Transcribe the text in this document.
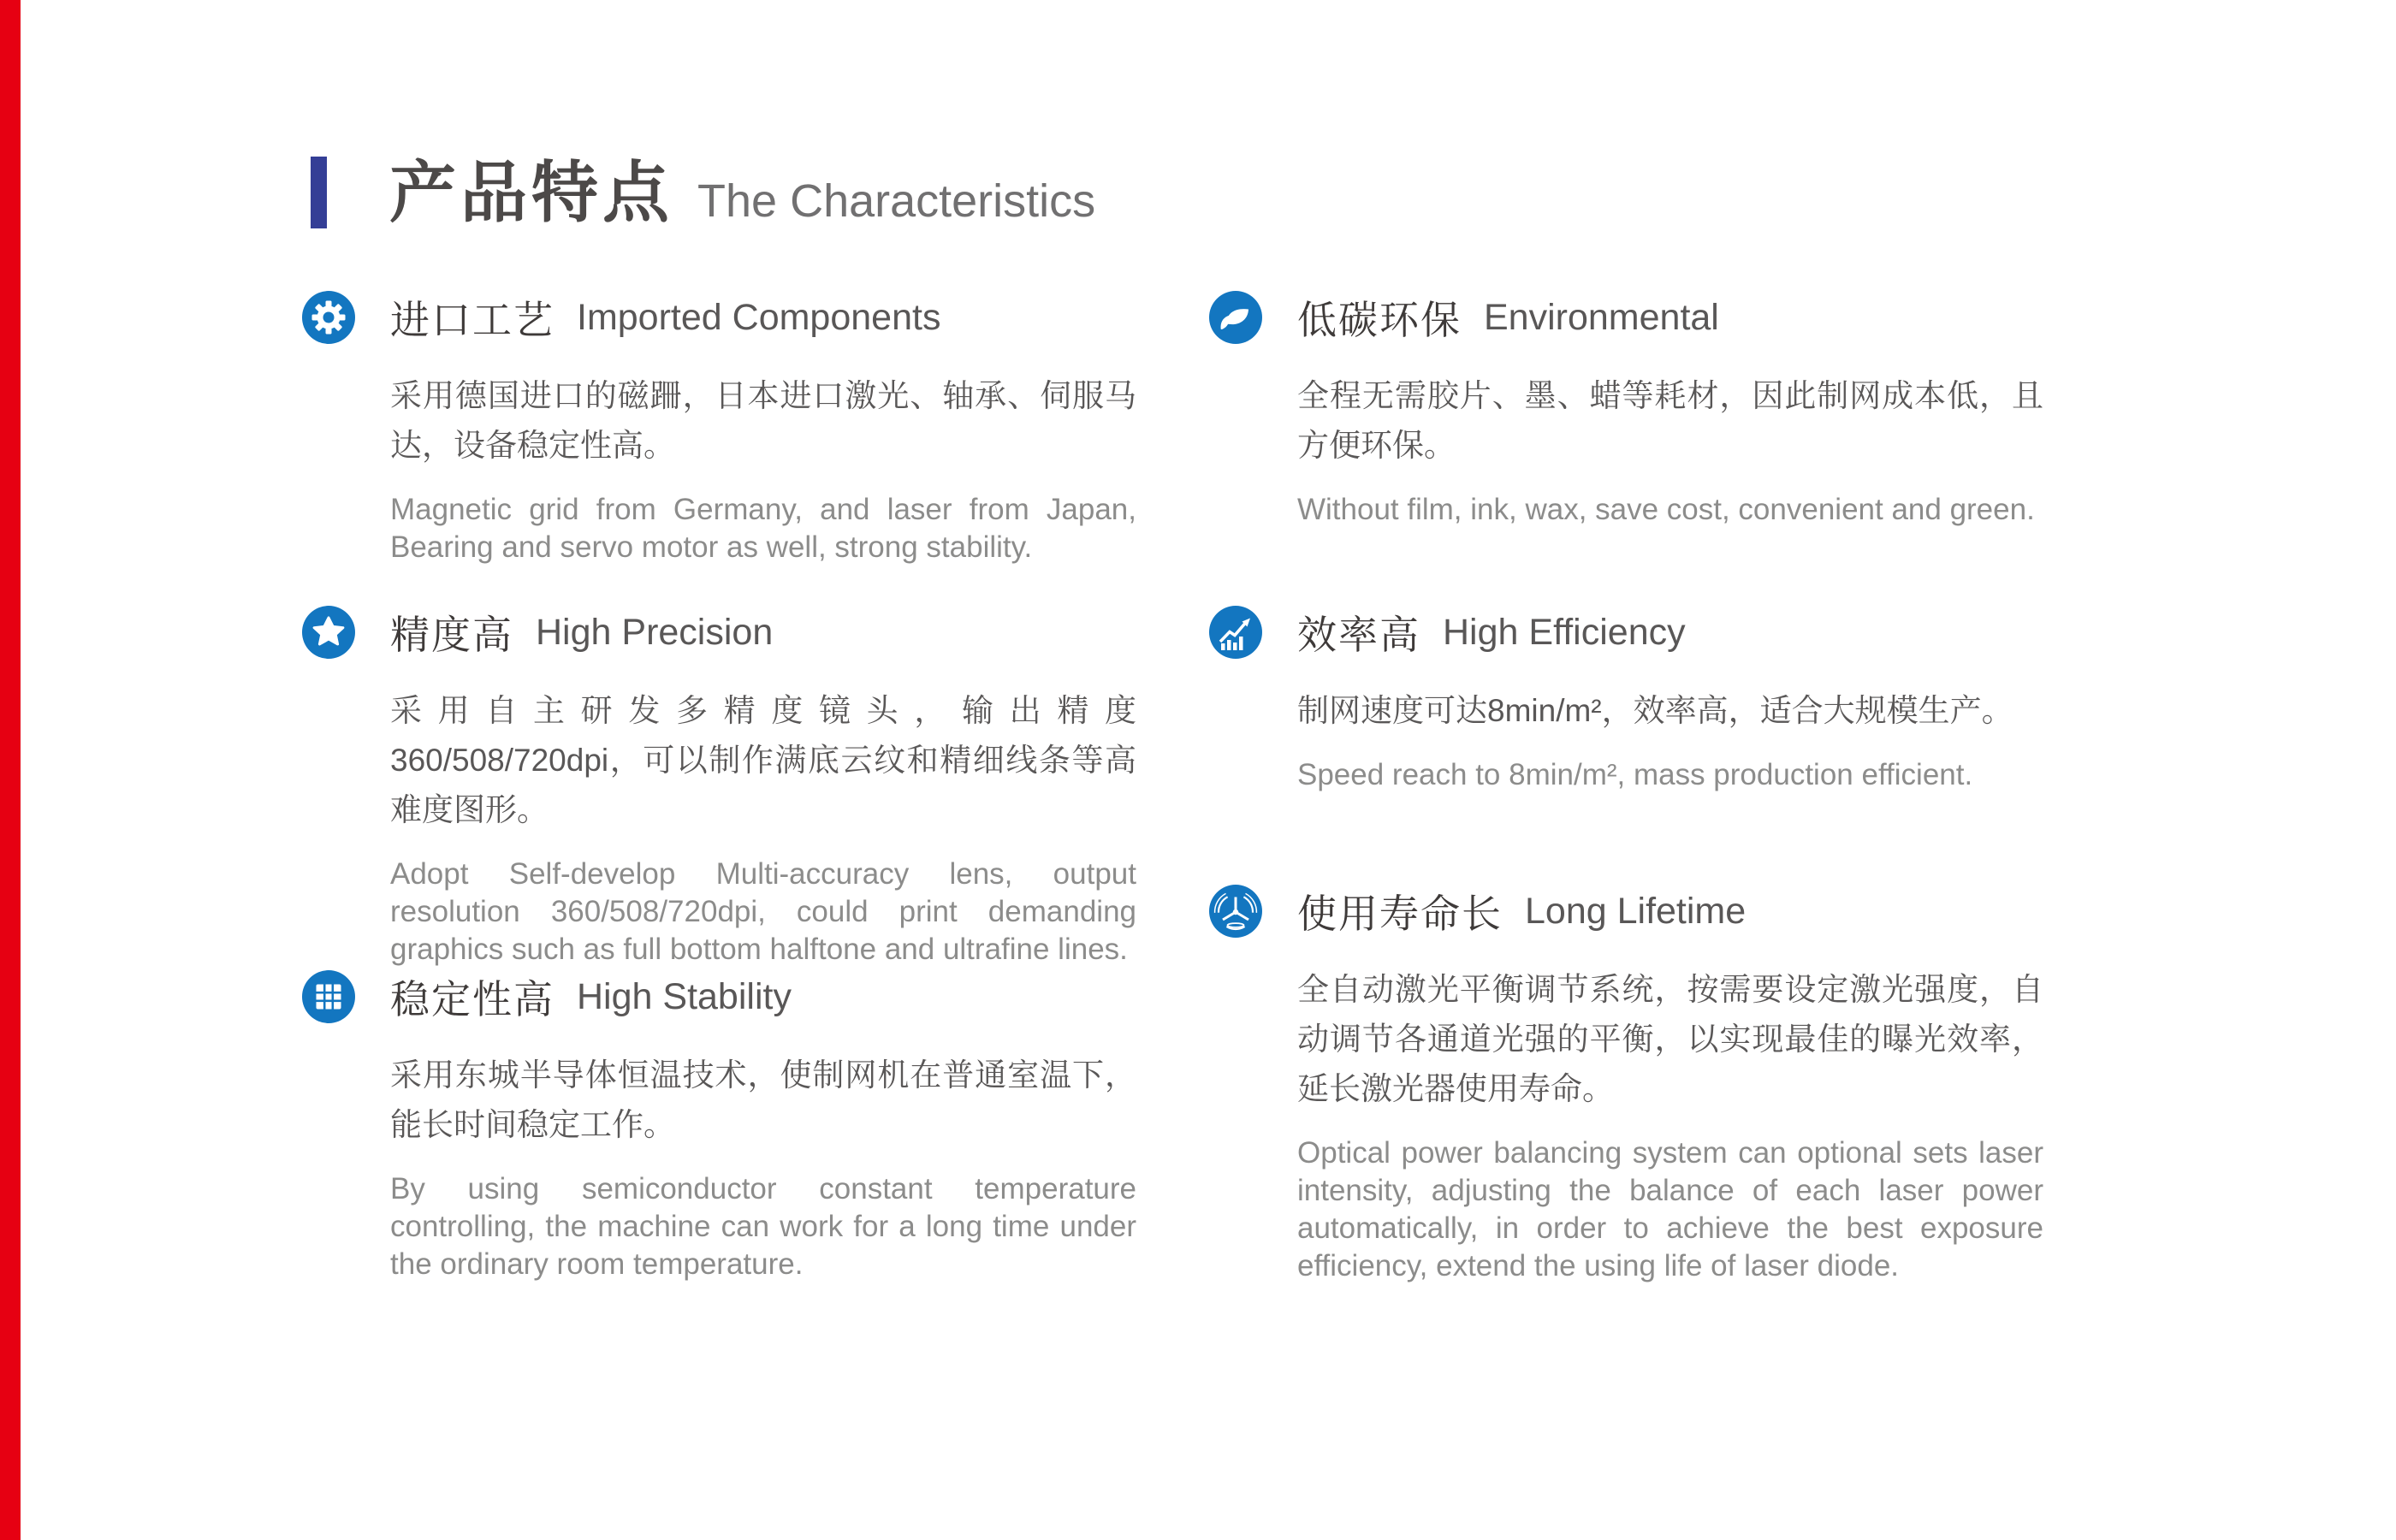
产品特点 The Characteristics
进口工艺 Imported Components
采用德国进口的磁跚，日本进口激光、轴承、伺服马达，设备稳定性高。
Magnetic grid from Germany, and laser from Japan, Bearing and servo motor as well, strong stability.
精度高 High Precision
采用自主研发多精度镜头，输出精度360/508/720dpi，可以制作满底云纹和精细线条等高难度图形。
Adopt Self-develop Multi-accuracy lens, output resolution 360/508/720dpi, could print demanding graphics such as full bottom halftone and ultrafine lines.
稳定性高 High Stability
采用东城半导体恒温技术，使制网机在普通室温下，能长时间稳定工作。
By using semiconductor constant temperature controlling, the machine can work for a long time under the ordinary room temperature.
低碳环保 Environmental
全程无需胶片、墨、蜡等耗材，因此制网成本低，且方便环保。
Without film, ink, wax, save cost, convenient and green.
效率高 High Efficiency
制网速度可达8min/m²，效率高，适合大规模生产。
Speed reach to 8min/m², mass production efficient.
使用寿命长 Long Lifetime
全自动激光平衡调节系统，按需要设定激光强度，自动调节各通道光强的平衡，以实现最佳的曝光效率，延长激光器使用寿命。
Optical power balancing system can optional sets laser intensity, adjusting the balance of each laser power automatically, in order to achieve the best exposure efficiency, extend the using life of laser diode.
